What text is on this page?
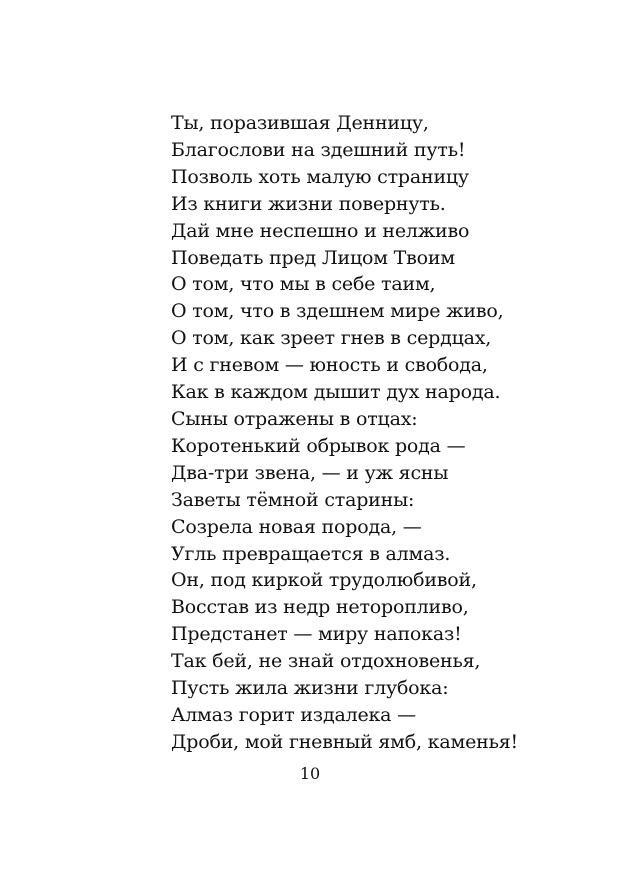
Ты, поразившая Денницу,
Благослови на здешний путь!
Позволь хоть малую страницу
Из книги жизни повернуть.
Дай мне неспешно и нелживо
Поведать пред Лицом Твоим
О том, что мы в себе таим,
О том, что в здешнем мире живо,
О том, как зреет гнев в сердцах,
И с гневом — юность и свобода,
Как в каждом дышит дух народа.
Сыны отражены в отцах:
Коротенький обрывок рода —
Два-три звена, — и уж ясны
Заветы тёмной старины:
Созрела новая порода, —
Угль превращается в алмаз.
Он, под киркой трудолюбивой,
Восстав из недр неторопливо,
Предстанет — миру напоказ!
Так бей, не знай отдохновенья,
Пусть жила жизни глубока:
Алмаз горит издалека —
Дроби, мой гневный ямб, каменья!
10
